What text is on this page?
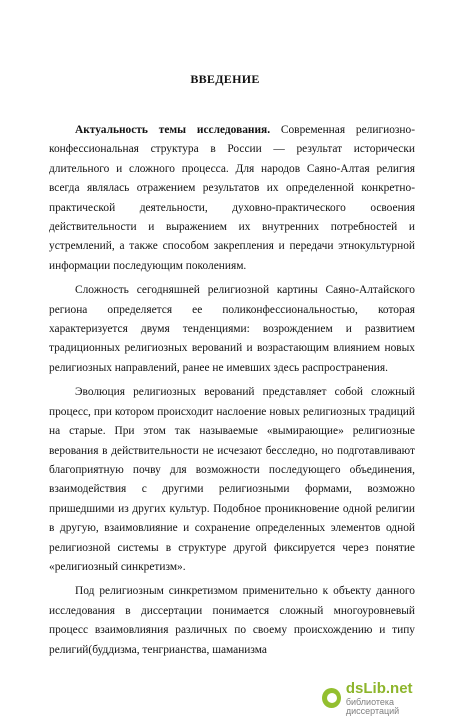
ВВЕДЕНИЕ

Актуальность темы исследования. Современная религиозно-конфессиональная структура в России — результат исторически длительного и сложного процесса. Для народов Саяно-Алтая религия всегда являлась отражением результатов их определенной конкретно-практической деятельности, духовно-практического освоения действительности и выражением их внутренних потребностей и устремлений, а также способом закрепления и передачи этнокультурной информации последующим поколениям.

Сложность сегодняшней религиозной картины Саяно-Алтайского региона определяется ее поликонфессиональностью, которая характеризуется двумя тенденциями: возрождением и развитием традиционных религиозных верований и возрастающим влиянием новых религиозных направлений, ранее не имевших здесь распространения.

Эволюция религиозных верований представляет собой сложный процесс, при котором происходит наслоение новых религиозных традиций на старые. При этом так называемые «вымирающие» религиозные верования в действительности не исчезают бесследно, но подготавливают благоприятную почву для возможности последующего объединения, взаимодействия с другими религиозными формами, возможно пришедшими из других культур. Подобное проникновение одной религии в другую, взаимовлияние и сохранение определенных элементов одной религиозной системы в структуре другой фиксируется через понятие «религиозный синкретизм».

Под религиозным синкретизмом применительно к объекту данного исследования в диссертации понимается сложный многоуровневый процесс взаимовлияния различных по своему происхождению и типу религий(буддизма, тенгрианства, шаманизма

dsLib.net
библиотека диссертаций
